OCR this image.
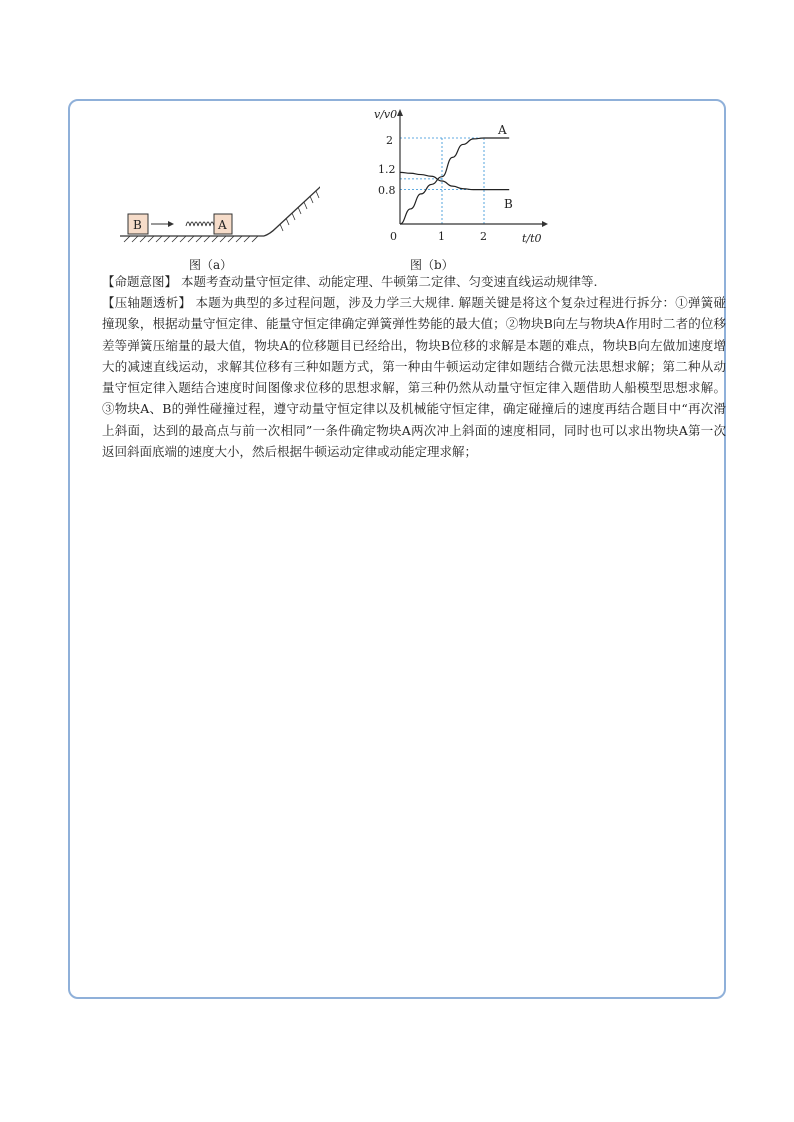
B	A
图（a）
v/v0
t/t0
2
1.2
0.8
0	1	2
A
B
图（b）
【命题意图】 本题考查动量守恒定律、动能定理、牛顿第二定律、匀变速直线运动规律等.
【压轴题透析】 本题为典型的多过程问题，涉及力学三大规律. 解题关键是将这个复杂过程进行拆分：①弹簧碰撞现象，根据动量守恒定律、能量守恒定律确定弹簧弹性势能的最大值；②物块B向左与物块A作用时二者的位移差等弹簧压缩量的最大值，物块A的位移题目已经给出，物块B位移的求解是本题的难点，物块B向左做加速度增大的减速直线运动，求解其位移有三种如题方式，第一种由牛顿运动定律如题结合微元法思想求解；第二种从动量守恒定律入题结合速度时间图像求位移的思想求解，第三种仍然从动量守恒定律入题借助人船模型思想求解。③物块A、B的弹性碰撞过程，遵守动量守恒定律以及机械能守恒定律，确定碰撞后的速度再结合题目中“再次滑上斜面，达到的最高点与前一次相同”一条件确定物块A两次冲上斜面的速度相同，同时也可以求出物块A第一次返回斜面底端的速度大小，然后根据牛顿运动定律或动能定理求解；
